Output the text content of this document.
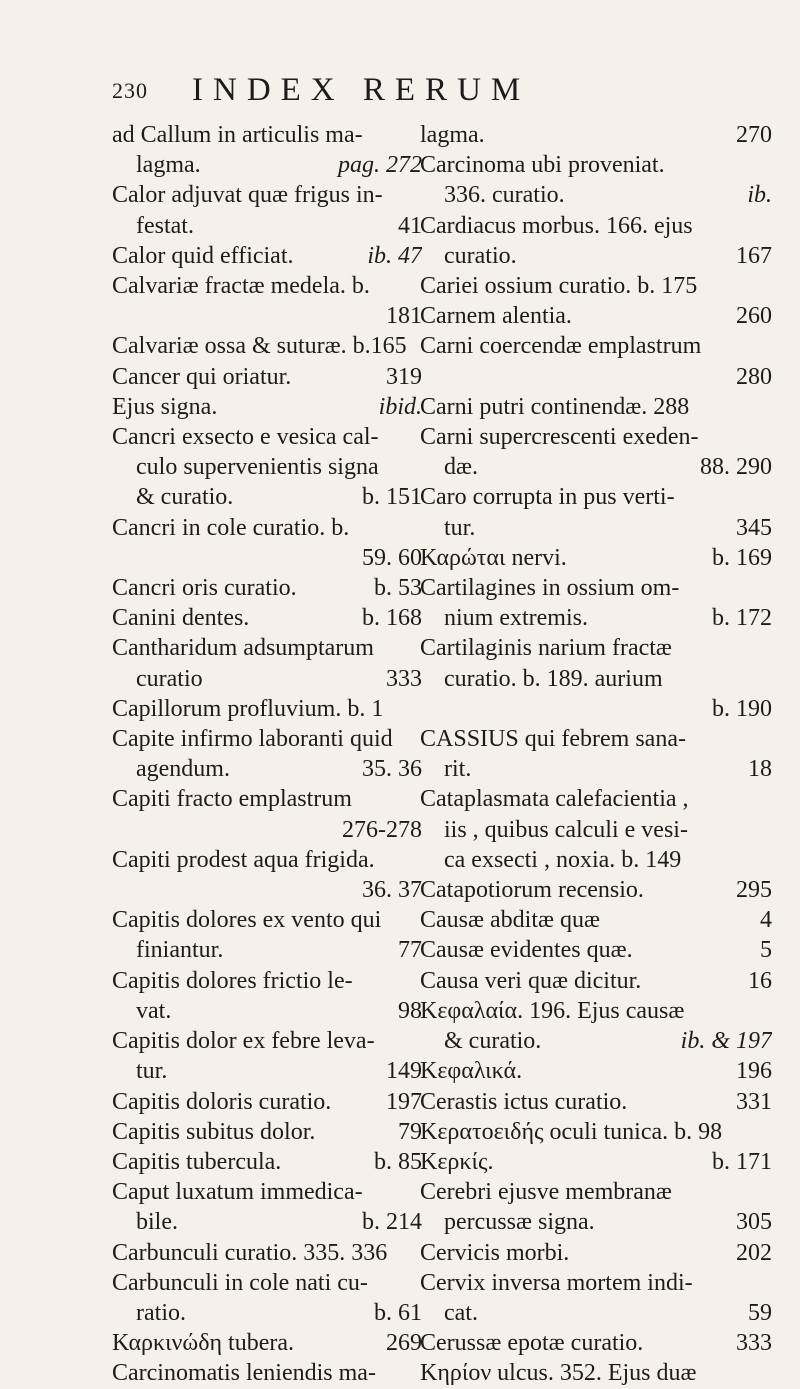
230 INDEX RERUM
ad Callum in articulis ma-
lagma.	pag. 272
Calor adjuvat quæ frigus in-
festat.	41
Calor quid efficiat.	ib. 47
Calvariæ fractæ medela. b.
181
Calvariæ ossa & suturæ. b.165
Cancer qui oriatur.	319
Ejus signa.	ibid.
Cancri exsecto e vesica cal-
culo supervenientis signa
& curatio.	b. 151
Cancri in cole curatio. b.
59. 60
Cancri oris curatio.	b. 53
Canini dentes.	b. 168
Cantharidum adsumptarum
curatio	333
Capillorum profluvium. b. 1
Capite infirmo laboranti quid
agendum.	35. 36
Capiti fracto emplastrum
276-278
Capiti prodest aqua frigida.
36. 37
Capitis dolores ex vento qui
finiantur.	77
Capitis dolores frictio le-
vat.	98
Capitis dolor ex febre leva-
tur.	149
Capitis doloris curatio. 197
Capitis subitus dolor.	79
Capitis tubercula.	b. 85
Caput luxatum immedica-
bile.	b. 214
Carbunculi curatio. 335. 336
Carbunculi in cole nati cu-
ratio.	b. 61
Καρκινώδη tubera.	269
Carcinomatis leniendis ma-
lagma.	270
Carcinoma ubi proveniat.
336. curatio.	ib.
Cardiacus morbus. 166. ejus
curatio.	167
Cariei ossium curatio. b. 175
Carnem alentia.	260
Carni coercendæ emplastrum
280
Carni putri continendæ. 288
Carni supercrescenti exeden-
dæ.	88. 290
Caro corrupta in pus verti-
tur.	345
Καρώται nervi.	b. 169
Cartilagines in ossium om-
nium extremis.	b. 172
Cartilaginis narium fractæ
curatio. b. 189. aurium
b. 190
CASSIUS qui febrem sana-
rit.	18
Cataplasmata calefacientia ,
iis , quibus calculi e vesi-
ca exsecti , noxia. b. 149
Catapotiorum recensio.	295
Causæ abditæ quæ	4
Causæ evidentes quæ.	5
Causa veri quæ dicitur.	16
Κεφαλαία. 196. Ejus causæ
& curatio.	ib. & 197
Κεφαλικά.	196
Cerastis ictus curatio.	331
Κερατοειδής oculi tunica. b. 98
Κερκίς.	b. 171
Cerebri ejusve membranæ
percussæ signa.	305
Cervicis morbi.	202
Cervix inversa mortem indi-
cat.	59
Cerussæ epotæ curatio.	333
Κηρίον ulcus. 352. Ejus duæ
